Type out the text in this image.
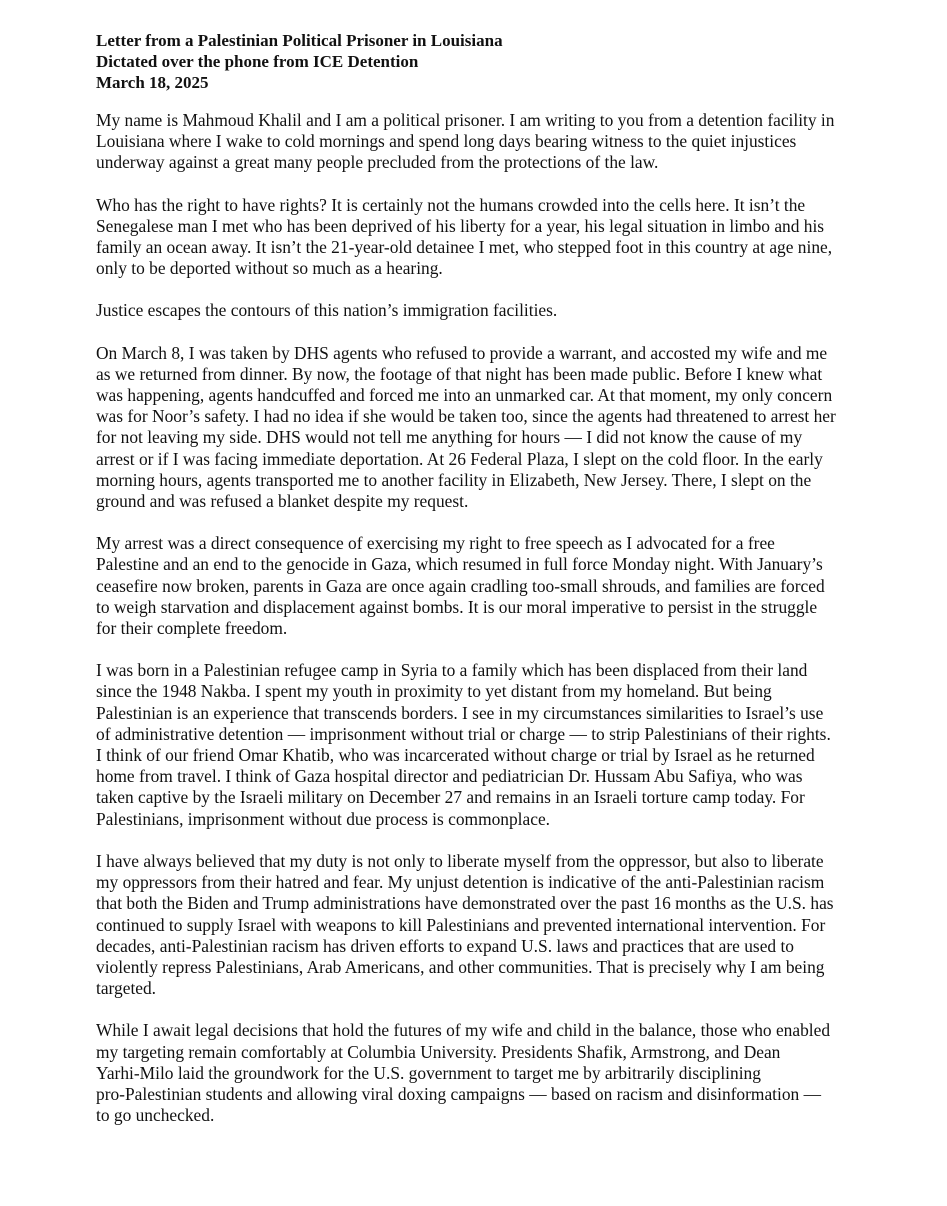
Letter from a Palestinian Political Prisoner in Louisiana
Dictated over the phone from ICE Detention
March 18, 2025
My name is Mahmoud Khalil and I am a political prisoner. I am writing to you from a detention facility in
Louisiana where I wake to cold mornings and spend long days bearing witness to the quiet injustices
underway against a great many people precluded from the protections of the law.
Who has the right to have rights? It is certainly not the humans crowded into the cells here. It isn’t the
Senegalese man I met who has been deprived of his liberty for a year, his legal situation in limbo and his
family an ocean away. It isn’t the 21-year-old detainee I met, who stepped foot in this country at age nine,
only to be deported without so much as a hearing.
Justice escapes the contours of this nation’s immigration facilities.
On March 8, I was taken by DHS agents who refused to provide a warrant, and accosted my wife and me
as we returned from dinner. By now, the footage of that night has been made public. Before I knew what
was happening, agents handcuffed and forced me into an unmarked car. At that moment, my only concern
was for Noor’s safety. I had no idea if she would be taken too, since the agents had threatened to arrest her
for not leaving my side. DHS would not tell me anything for hours — I did not know the cause of my
arrest or if I was facing immediate deportation. At 26 Federal Plaza, I slept on the cold floor. In the early
morning hours, agents transported me to another facility in Elizabeth, New Jersey. There, I slept on the
ground and was refused a blanket despite my request.
My arrest was a direct consequence of exercising my right to free speech as I advocated for a free
Palestine and an end to the genocide in Gaza, which resumed in full force Monday night. With January’s
ceasefire now broken, parents in Gaza are once again cradling too-small shrouds, and families are forced
to weigh starvation and displacement against bombs. It is our moral imperative to persist in the struggle
for their complete freedom.
I was born in a Palestinian refugee camp in Syria to a family which has been displaced from their land
since the 1948 Nakba. I spent my youth in proximity to yet distant from my homeland. But being
Palestinian is an experience that transcends borders. I see in my circumstances similarities to Israel’s use
of administrative detention — imprisonment without trial or charge — to strip Palestinians of their rights.
I think of our friend Omar Khatib, who was incarcerated without charge or trial by Israel as he returned
home from travel. I think of Gaza hospital director and pediatrician Dr. Hussam Abu Safiya, who was
taken captive by the Israeli military on December 27 and remains in an Israeli torture camp today. For
Palestinians, imprisonment without due process is commonplace.
I have always believed that my duty is not only to liberate myself from the oppressor, but also to liberate
my oppressors from their hatred and fear. My unjust detention is indicative of the anti-Palestinian racism
that both the Biden and Trump administrations have demonstrated over the past 16 months as the U.S. has
continued to supply Israel with weapons to kill Palestinians and prevented international intervention. For
decades, anti-Palestinian racism has driven efforts to expand U.S. laws and practices that are used to
violently repress Palestinians, Arab Americans, and other communities. That is precisely why I am being
targeted.
While I await legal decisions that hold the futures of my wife and child in the balance, those who enabled
my targeting remain comfortably at Columbia University. Presidents Shafik, Armstrong, and Dean
Yarhi-Milo laid the groundwork for the U.S. government to target me by arbitrarily disciplining
pro-Palestinian students and allowing viral doxing campaigns — based on racism and disinformation —
to go unchecked.
